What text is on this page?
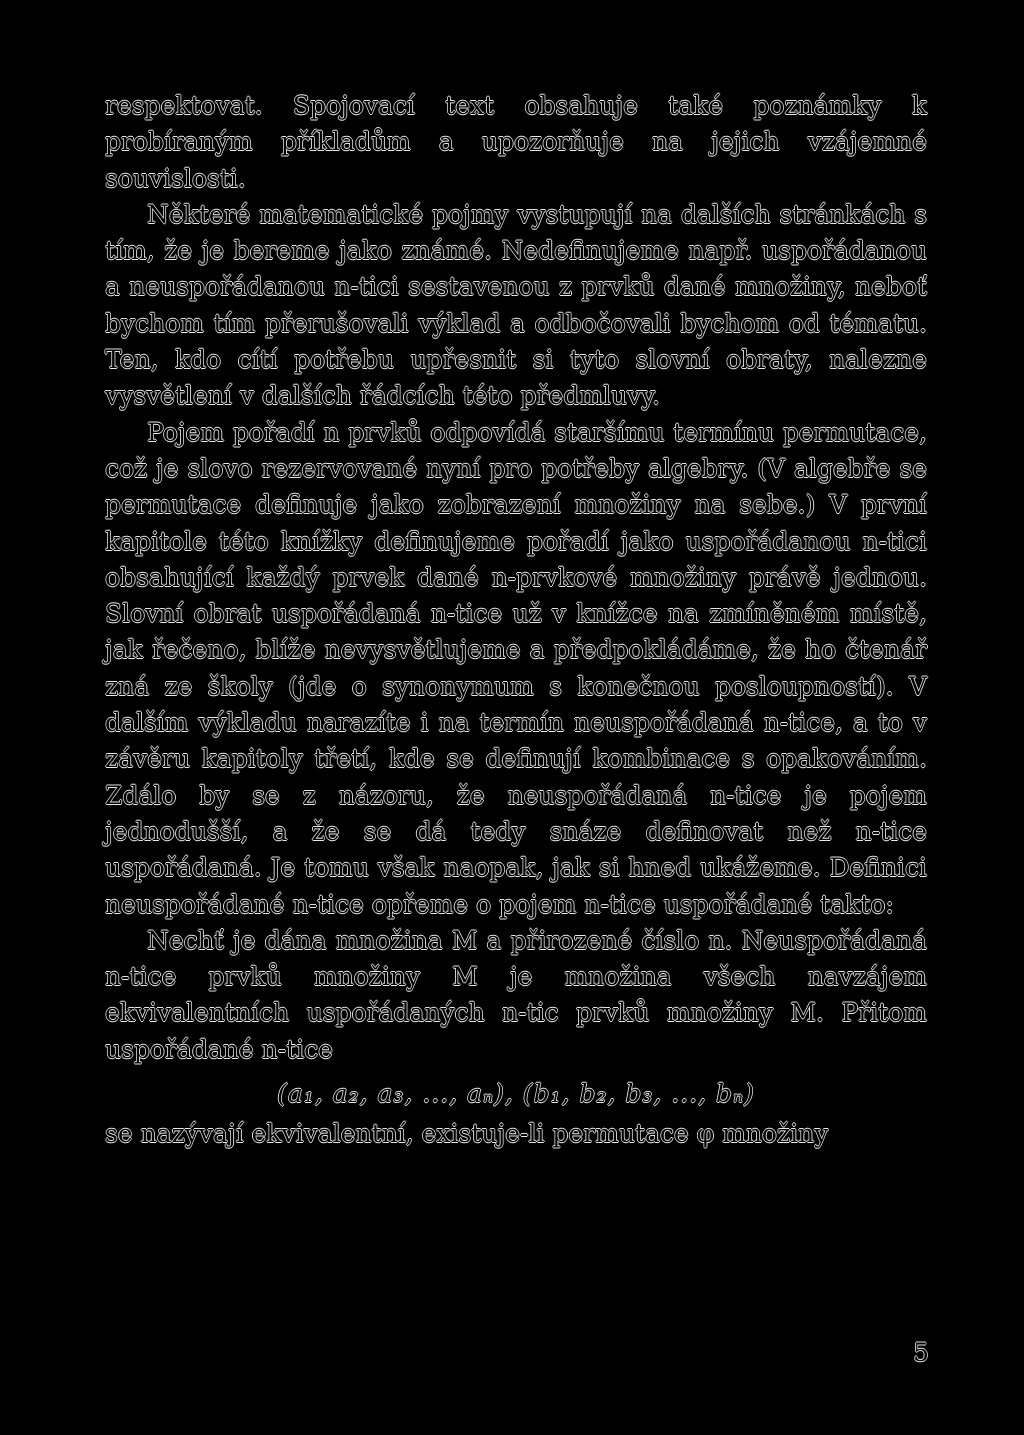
respektovat. Spojovací text obsahuje také poznámky k probíraným příkladům a upozorňuje na jejich vzájemné souvislosti.

Některé matematické pojmy vystupují na dalších stránkách s tím, že je bereme jako známé. Nedefinujeme např. uspořádanou a neuspořádanou n-tici sestavenou z prvků dané množiny, neboť bychom tím přerušovali výklad a odbočovali bychom od tématu. Ten, kdo cítí potřebu upřesnit si tyto slovní obraty, nalezne vysvětlení v dalších řádcích této předmluvy.

Pojem pořadí n prvků odpovídá staršímu termínu permutace, což je slovo rezervované nyní pro potřeby algebry. (V algebře se permutace definuje jako zobrazení množiny na sebe.) V první kapitole této knížky definujeme pořadí jako uspořádanou n-tici obsahující každý prvek dané n-prvkové množiny právě jednou. Slovní obrat uspořádaná n-tice už v knížce na zmíněném místě, jak řečeno, blíže nevysvětlujeme a předpokládáme, že ho čtenář zná ze školy (jde o synonymum s konečnou posloupností). V dalším výkladu narazíte i na termín neuspořádaná n-tice, a to v závěru kapitoly třetí, kde se definují kombinace s opakováním. Zdálo by se z názoru, že neuspořádaná n-tice je pojem jednodušší, a že se dá tedy snáze definovat než n-tice uspořádaná. Je tomu však naopak, jak si hned ukážeme. Definici neuspořádané n-tice opřeme o pojem n-tice uspořádané takto:

Nechť je dána množina M a přirozené číslo n. Neuspořádaná n-tice prvků množiny M je množina všech navzájem ekvivalentních uspořádaných n-tic prvků množiny M. Přitom uspořádané n-tice

(a₁, a₂, a₃, ..., aₙ), (b₁, b₂, b₃, ..., bₙ)

se nazývají ekvivalentní, existuje-li permutace φ množiny

5
